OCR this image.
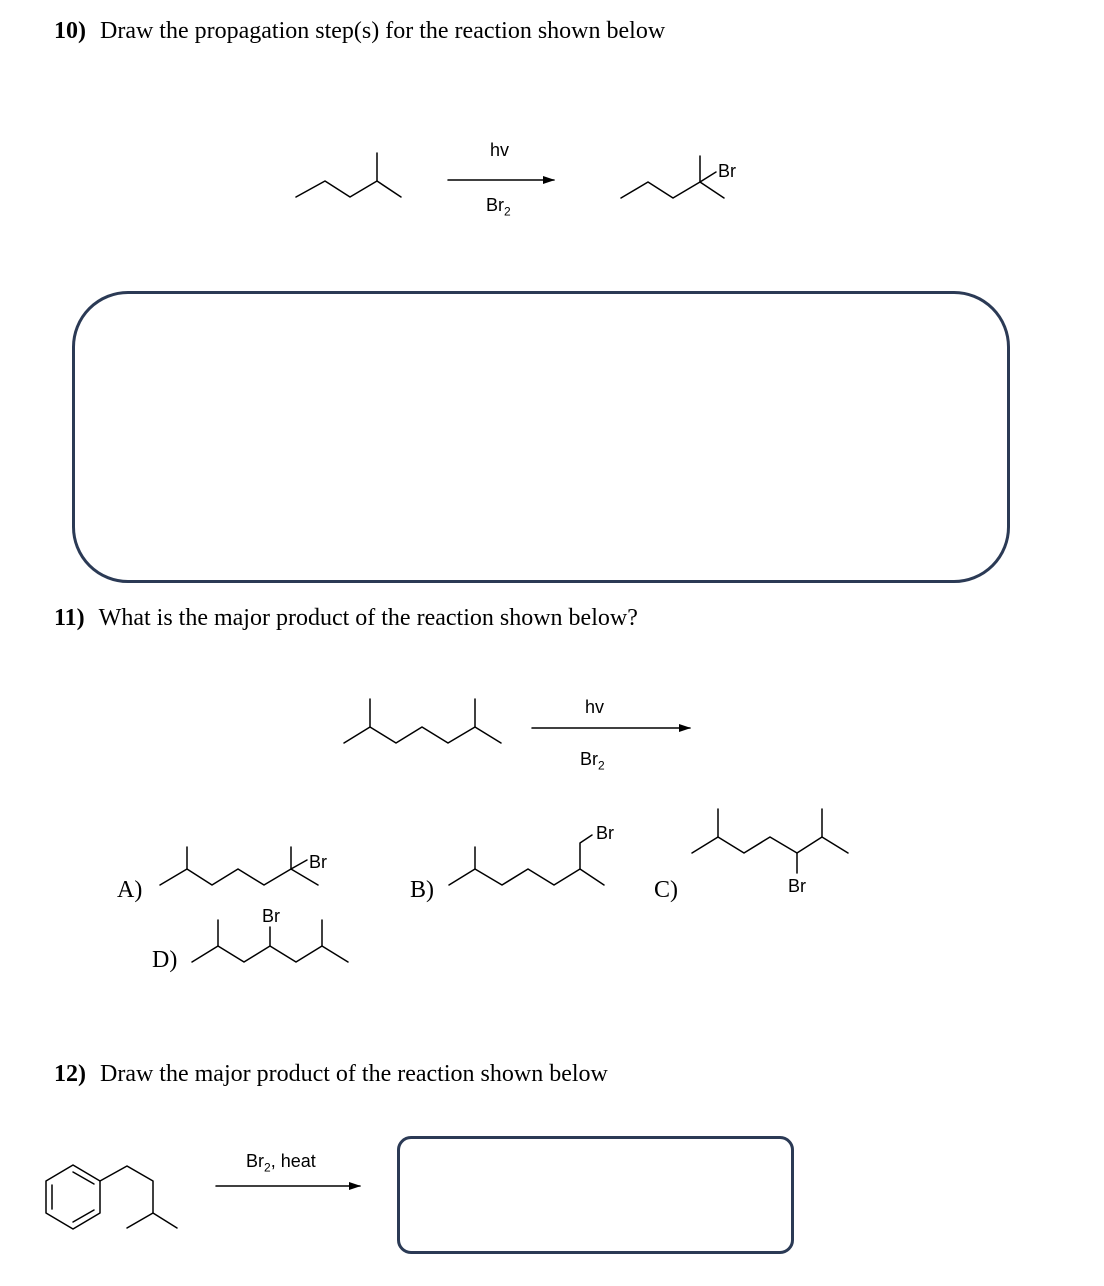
10) Draw the propagation step(s) for the reaction shown below
hv
$Br_2$
Br
11) What is the major product of the reaction shown below?
hv
$Br_2$
A)
Br
B)
Br
C)	Br
D)
Br
12) Draw the major product of the reaction shown below
$Br_2$, heat
